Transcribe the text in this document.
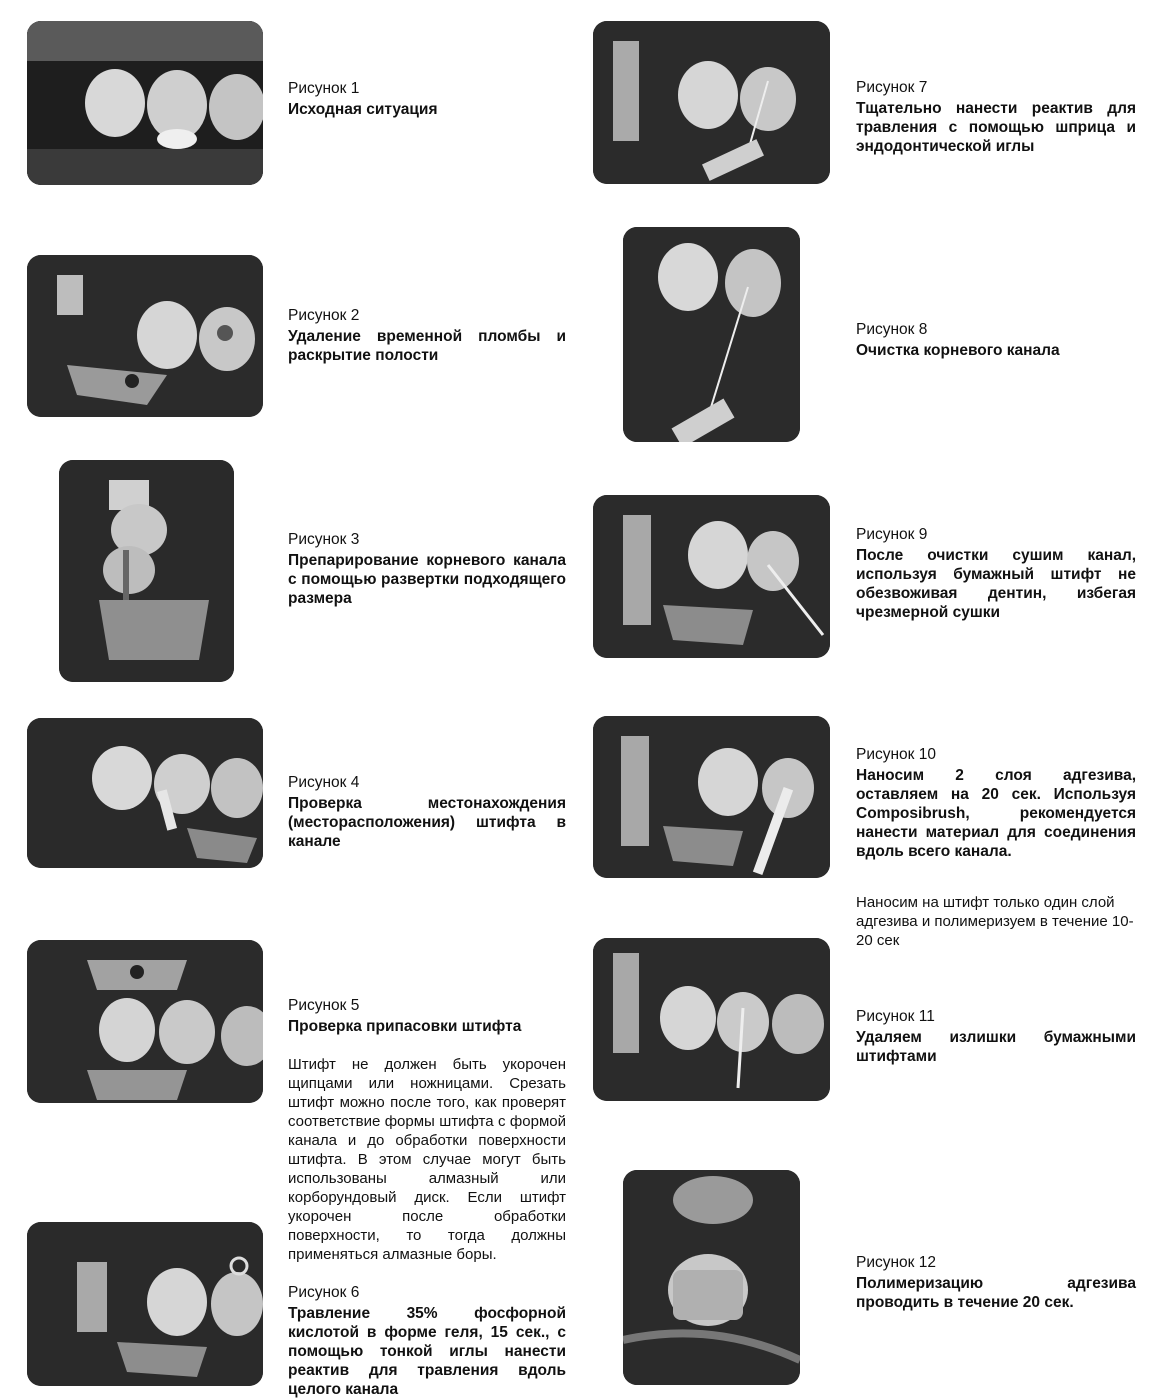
Рисунок 1
Исходная ситуация
Рисунок 2
Удаление временной пломбы и раскрытие полости
Рисунок 3
Препарирование корневого канала с помощью развертки подходящего размера
Рисунок 4
Проверка местонахождения (месторасположения) штифта в канале
Рисунок 5
Проверка припасовки штифта
Штифт не должен быть укорочен щипцами или ножницами. Срезать штифт можно после того, как проверят соответствие формы штифта с формой канала и до обработки поверхности штифта. В этом случае могут быть использованы алмазный или корборундовый диск. Если штифт укорочен после обработки поверхности, то тогда должны применяться алмазные боры.
Рисунок 6
Травление 35% фосфорной кислотой в форме геля, 15 сек., с помощью тонкой иглы нанести реактив для травления вдоль целого канала
Рисунок 7
Тщательно нанести реактив для травления с помощью шприца и эндодонтической иглы
Рисунок 8
Очистка корневого канала
Рисунок 9
После очистки сушим канал, используя бумажный штифт не обезвоживая дентин, избегая чрезмерной сушки
Рисунок 10
Наносим 2 слоя адгезива, оставляем на 20 сек. Используя Composibrush, рекомендуется нанести материал для соединения вдоль всего канала.
Наносим на штифт только один слой адгезива и полимеризуем в течение 10-20 сек
Рисунок 11
Удаляем излишки бумажными штифтами
Рисунок 12
Полимеризацию адгезива проводить в течение 20 сек.
